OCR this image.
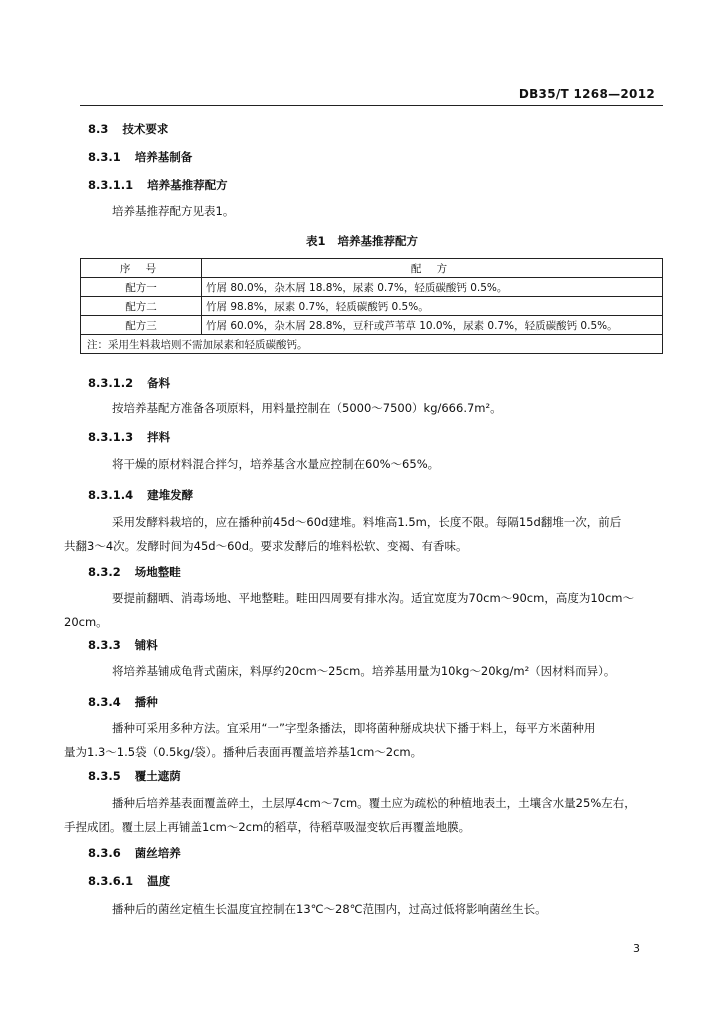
DB35/T 1268—2012
8.3 技术要求
8.3.1 培养基制备
8.3.1.1 培养基推荐配方
培养基推荐配方见表1。
表1 培养基推荐配方
序 号	配 方
配方一	竹屑 80.0%，杂木屑 18.8%，尿素 0.7%，轻质碳酸钙 0.5%。
配方二	竹屑 98.8%，尿素 0.7%，轻质碳酸钙 0.5%。
配方三	竹屑 60.0%，杂木屑 28.8%，豆秆或芦苇草 10.0%，尿素 0.7%，轻质碳酸钙 0.5%。
注：采用生料栽培则不需加尿素和轻质碳酸钙。	
8.3.1.2 备料
按培养基配方准备各项原料，用料量控制在（5000～7500）kg/666.7m²。
8.3.1.3 拌料
将干燥的原材料混合拌匀，培养基含水量应控制在60%～65%。
8.3.1.4 建堆发酵
采用发酵料栽培的，应在播种前45d～60d建堆。料堆高1.5m，长度不限。每隔15d翻堆一次，前后
共翻3～4次。发酵时间为45d～60d。要求发酵后的堆料松软、变褐、有香味。
8.3.2 场地整畦
要提前翻晒、消毒场地、平地整畦。畦田四周要有排水沟。适宜宽度为70cm～90cm，高度为10cm～
20cm。
8.3.3 铺料
将培养基铺成龟背式菌床，料厚约20cm～25cm。培养基用量为10kg～20kg/m²（因材料而异）。
8.3.4 播种
播种可采用多种方法。宜采用“一”字型条播法，即将菌种掰成块状下播于料上，每平方米菌种用
量为1.3～1.5袋（0.5kg/袋）。播种后表面再覆盖培养基1cm～2cm。
8.3.5 覆土遮荫
播种后培养基表面覆盖碎土，土层厚4cm～7cm。覆土应为疏松的种植地表土，土壤含水量25%左右，
手捏成团。覆土层上再铺盖1cm～2cm的稻草，待稻草吸湿变软后再覆盖地膜。
8.3.6 菌丝培养
8.3.6.1 温度
播种后的菌丝定植生长温度宜控制在13℃～28℃范围内，过高过低将影响菌丝生长。
3
